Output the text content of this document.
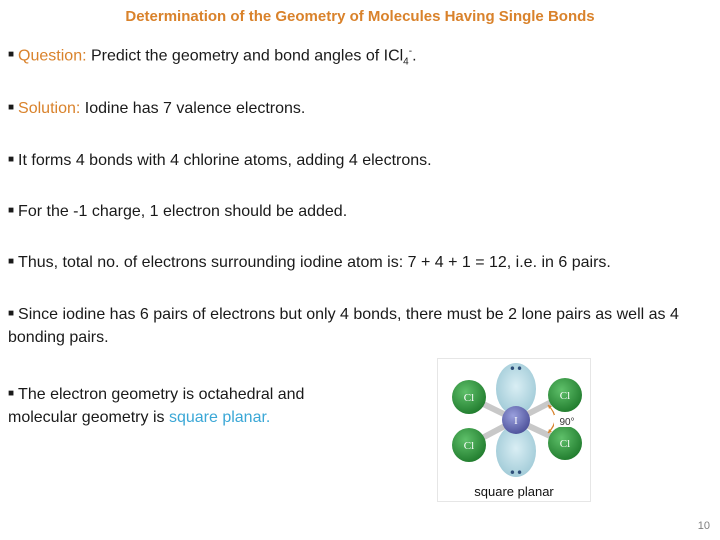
Determination of the Geometry of Molecules Having Single Bonds
■ Question: Predict the geometry and bond angles of ICl$_4$-.
■ Solution: Iodine has 7 valence electrons.
■ It forms 4 bonds with 4 chlorine atoms, adding 4 electrons.
■ For the -1 charge, 1 electron should be added.
■ Thus, total no. of electrons surrounding iodine atom is: 7 + 4 + 1 = 12, i.e. in 6 pairs.
■ Since iodine has 6 pairs of electrons but only 4 bonds, there must be 2 lone pairs as well as 4 bonding pairs.
■ The electron geometry is octahedral and molecular geometry is square planar.
••
••
Cl	Cl
Cl	Cl
I	90°
square planar
10
